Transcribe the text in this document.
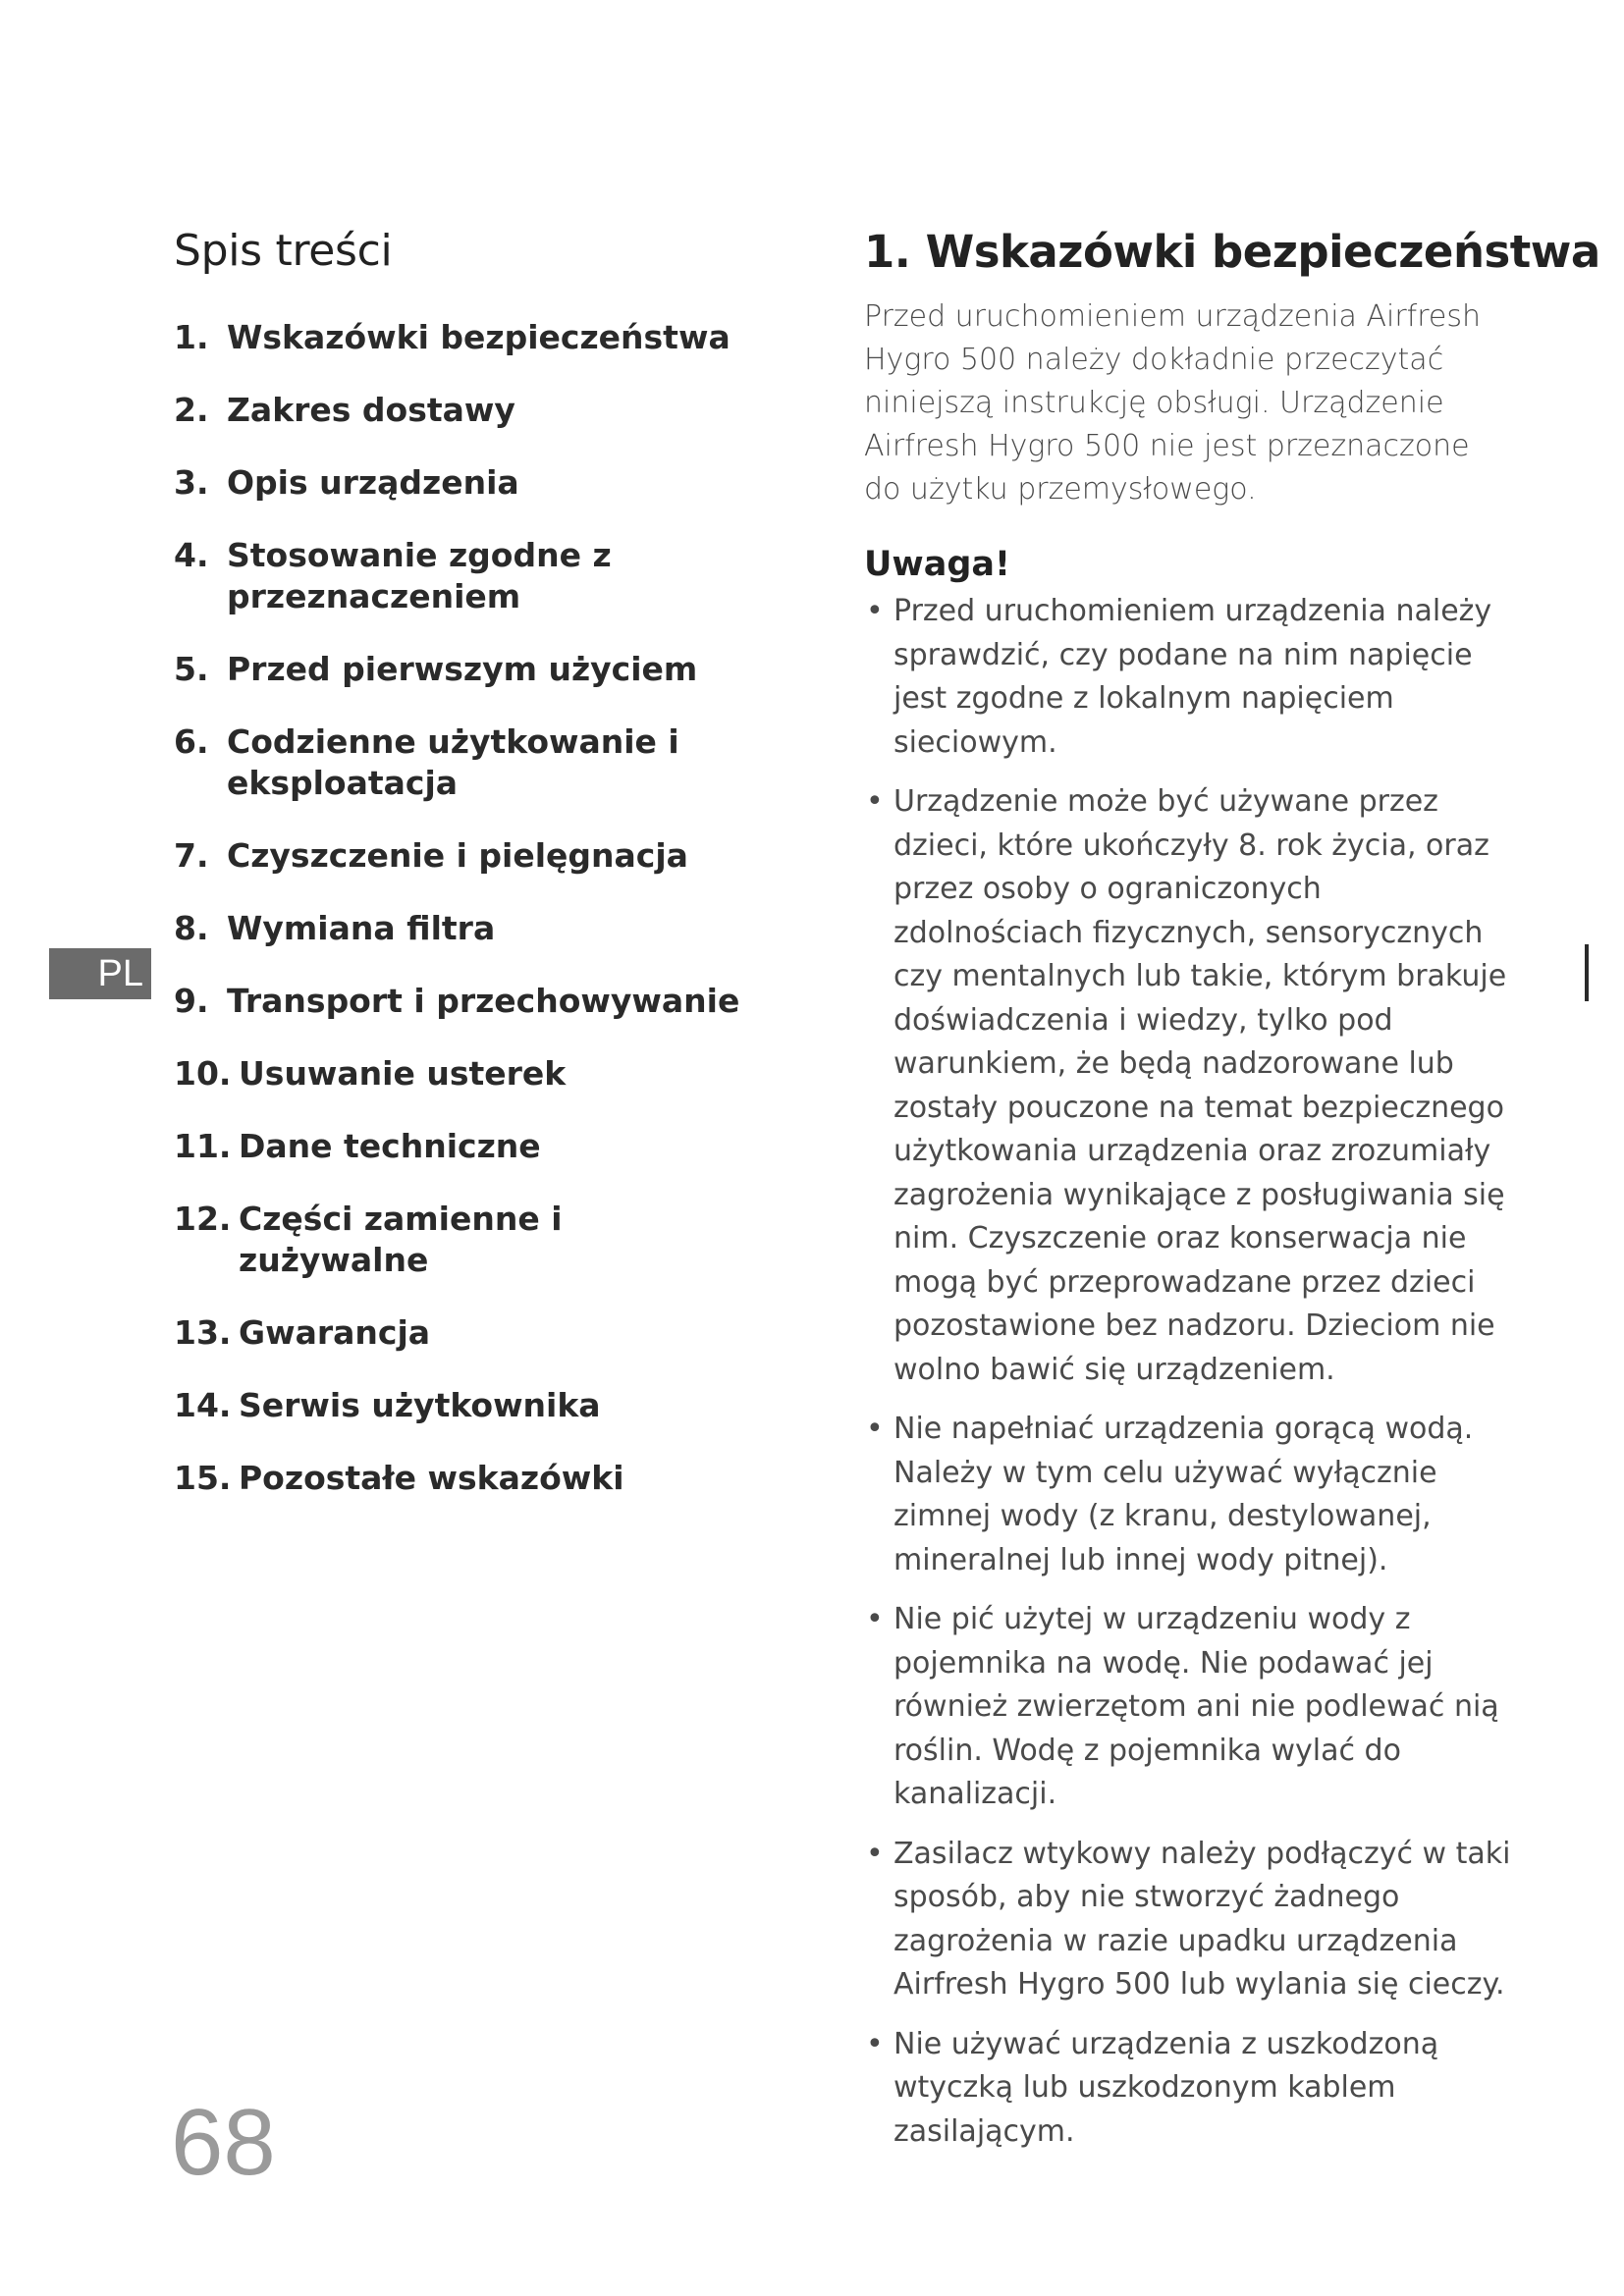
Spis treści
1. Wskazówki bezpieczeństwa
2. Zakres dostawy
3. Opis urządzenia
4. Stosowanie zgodne z przeznaczeniem
5. Przed pierwszym użyciem
6. Codzienne użytkowanie i eksploatacja
7. Czyszczenie i pielęgnacja
8. Wymiana filtra
9. Transport i przechowywanie
10. Usuwanie usterek
11. Dane techniczne
12. Części zamienne i zużywalne
13. Gwarancja
14. Serwis użytkownika
15. Pozostałe wskazówki
PL
1. Wskazówki bezpieczeństwa

Przed uruchomieniem urządzenia Airfresh Hygro 500 należy dokładnie przeczytać niniejszą instrukcję obsługi. Urządzenie Airfresh Hygro 500 nie jest przeznaczone do użytku przemysłowego.

Uwaga!
• Przed uruchomieniem urządzenia należy sprawdzić, czy podane na nim napięcie jest zgodne z lokalnym napięciem sieciowym.
• Urządzenie może być używane przez dzieci, które ukończyły 8. rok życia, oraz przez osoby o ograniczonych zdolnościach fizycznych, sensorycznych czy mentalnych lub takie, którym brakuje doświadczenia i wiedzy, tylko pod warunkiem, że będą nadzorowane lub zostały pouczone na temat bezpiecznego użytkowania urządzenia oraz zrozumiały zagrożenia wynikające z posługiwania się nim. Czyszczenie oraz konserwacja nie mogą być przeprowadzane przez dzieci pozostawione bez nadzoru. Dzieciom nie wolno bawić się urządzeniem.
• Nie napełniać urządzenia gorącą wodą. Należy w tym celu używać wyłącznie zimnej wody (z kranu, destylowanej, mineralnej lub innej wody pitnej).
• Nie pić użytej w urządzeniu wody z pojemnika na wodę. Nie podawać jej również zwierzętom ani nie podlewać nią roślin. Wodę z pojemnika wylać do kanalizacji.
• Zasilacz wtykowy należy podłączyć w taki sposób, aby nie stworzyć żadnego zagrożenia w razie upadku urządzenia Airfresh Hygro 500 lub wylania się cieczy.
• Nie używać urządzenia z uszkodzoną wtyczką lub uszkodzonym kablem zasilającym.
68
